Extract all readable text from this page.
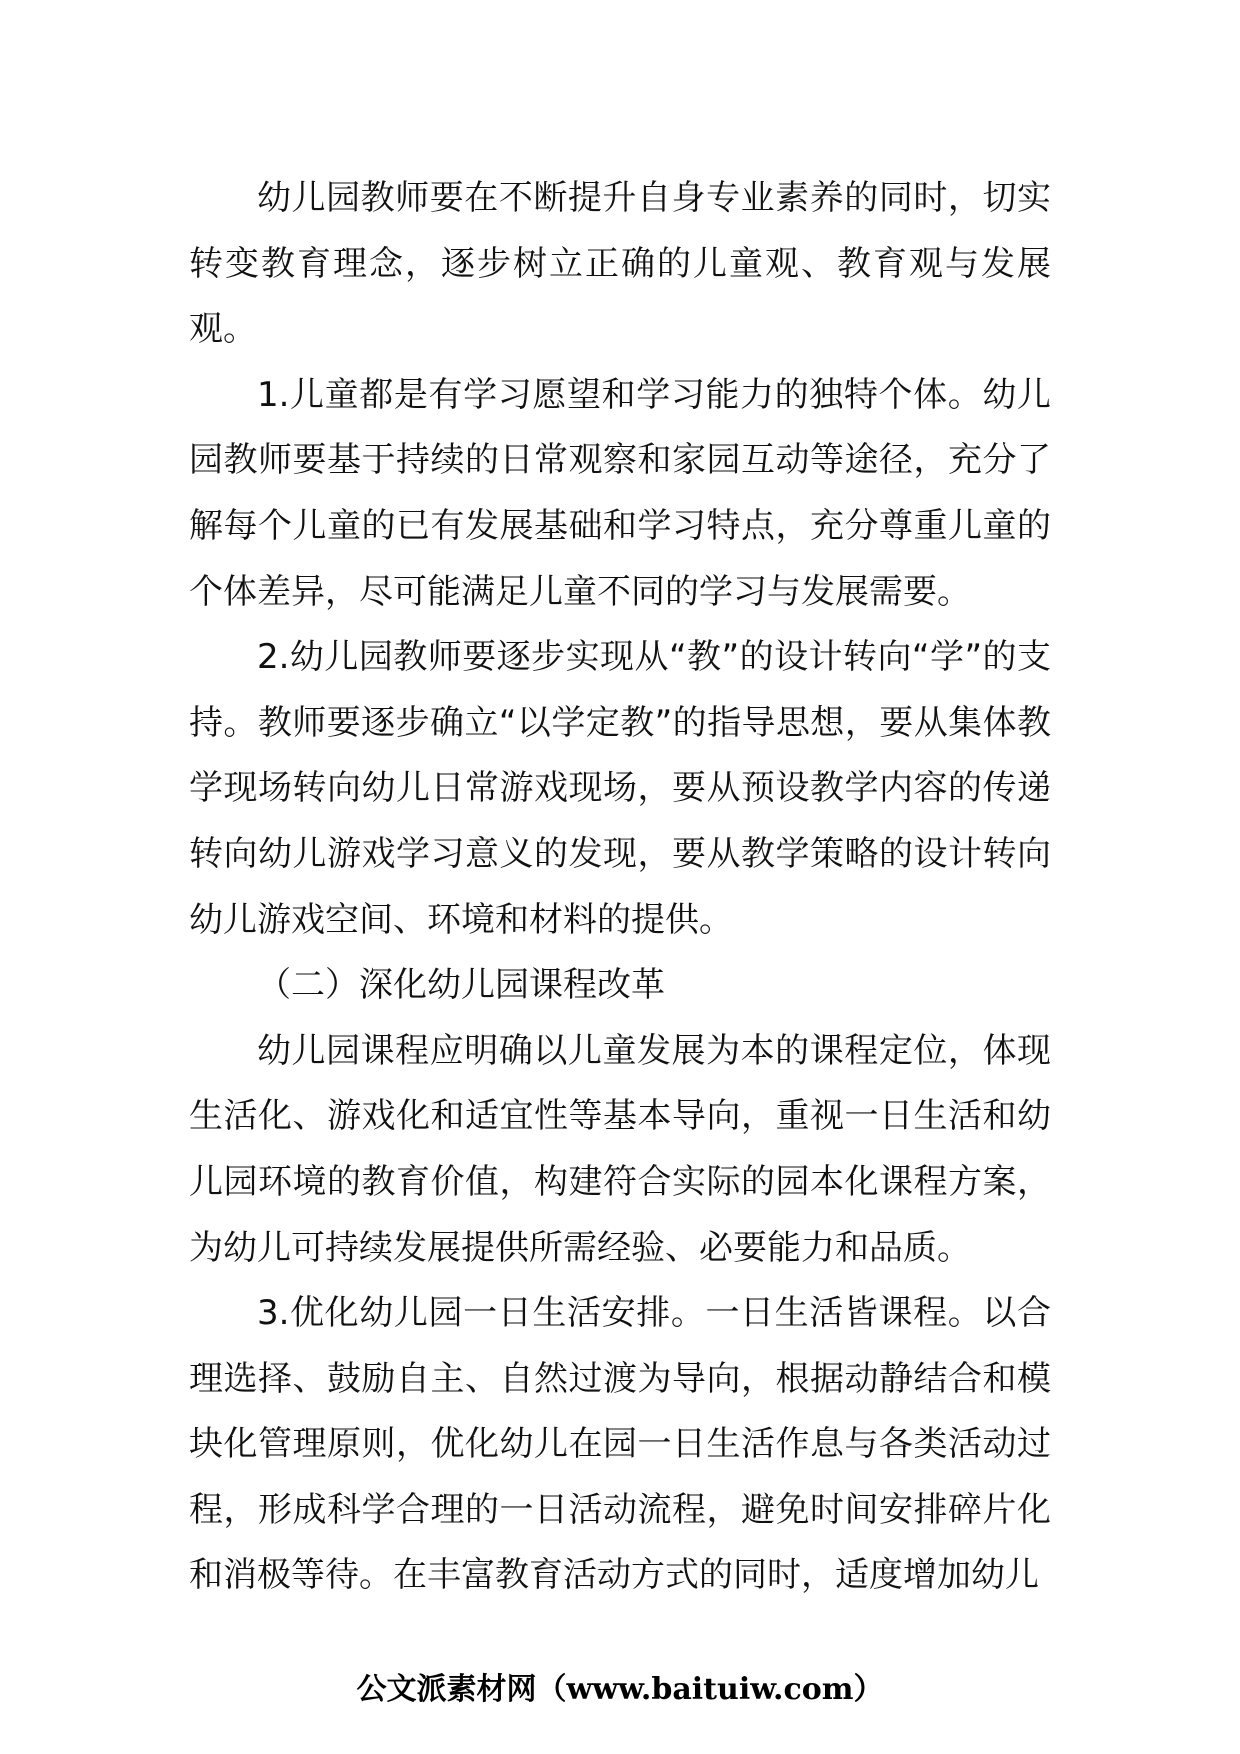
幼儿园教师要在不断提升自身专业素养的同时，切实转变教育理念，逐步树立正确的儿童观、教育观与发展观。

1.儿童都是有学习愿望和学习能力的独特个体。幼儿园教师要基于持续的日常观察和家园互动等途径，充分了解每个儿童的已有发展基础和学习特点，充分尊重儿童的个体差异，尽可能满足儿童不同的学习与发展需要。

2.幼儿园教师要逐步实现从“教”的设计转向“学”的支持。教师要逐步确立“以学定教”的指导思想，要从集体教学现场转向幼儿日常游戏现场，要从预设教学内容的传递转向幼儿游戏学习意义的发现，要从教学策略的设计转向幼儿游戏空间、环境和材料的提供。

（二）深化幼儿园课程改革

幼儿园课程应明确以儿童发展为本的课程定位，体现生活化、游戏化和适宜性等基本导向，重视一日生活和幼儿园环境的教育价值，构建符合实际的园本化课程方案，为幼儿可持续发展提供所需经验、必要能力和品质。

3.优化幼儿园一日生活安排。一日生活皆课程。以合理选择、鼓励自主、自然过渡为导向，根据动静结合和模块化管理原则，优化幼儿在园一日生活作息与各类活动过程，形成科学合理的一日活动流程，避免时间安排碎片化和消极等待。在丰富教育活动方式的同时，适度增加幼儿

公文派素材网（www.baituiw.com）
